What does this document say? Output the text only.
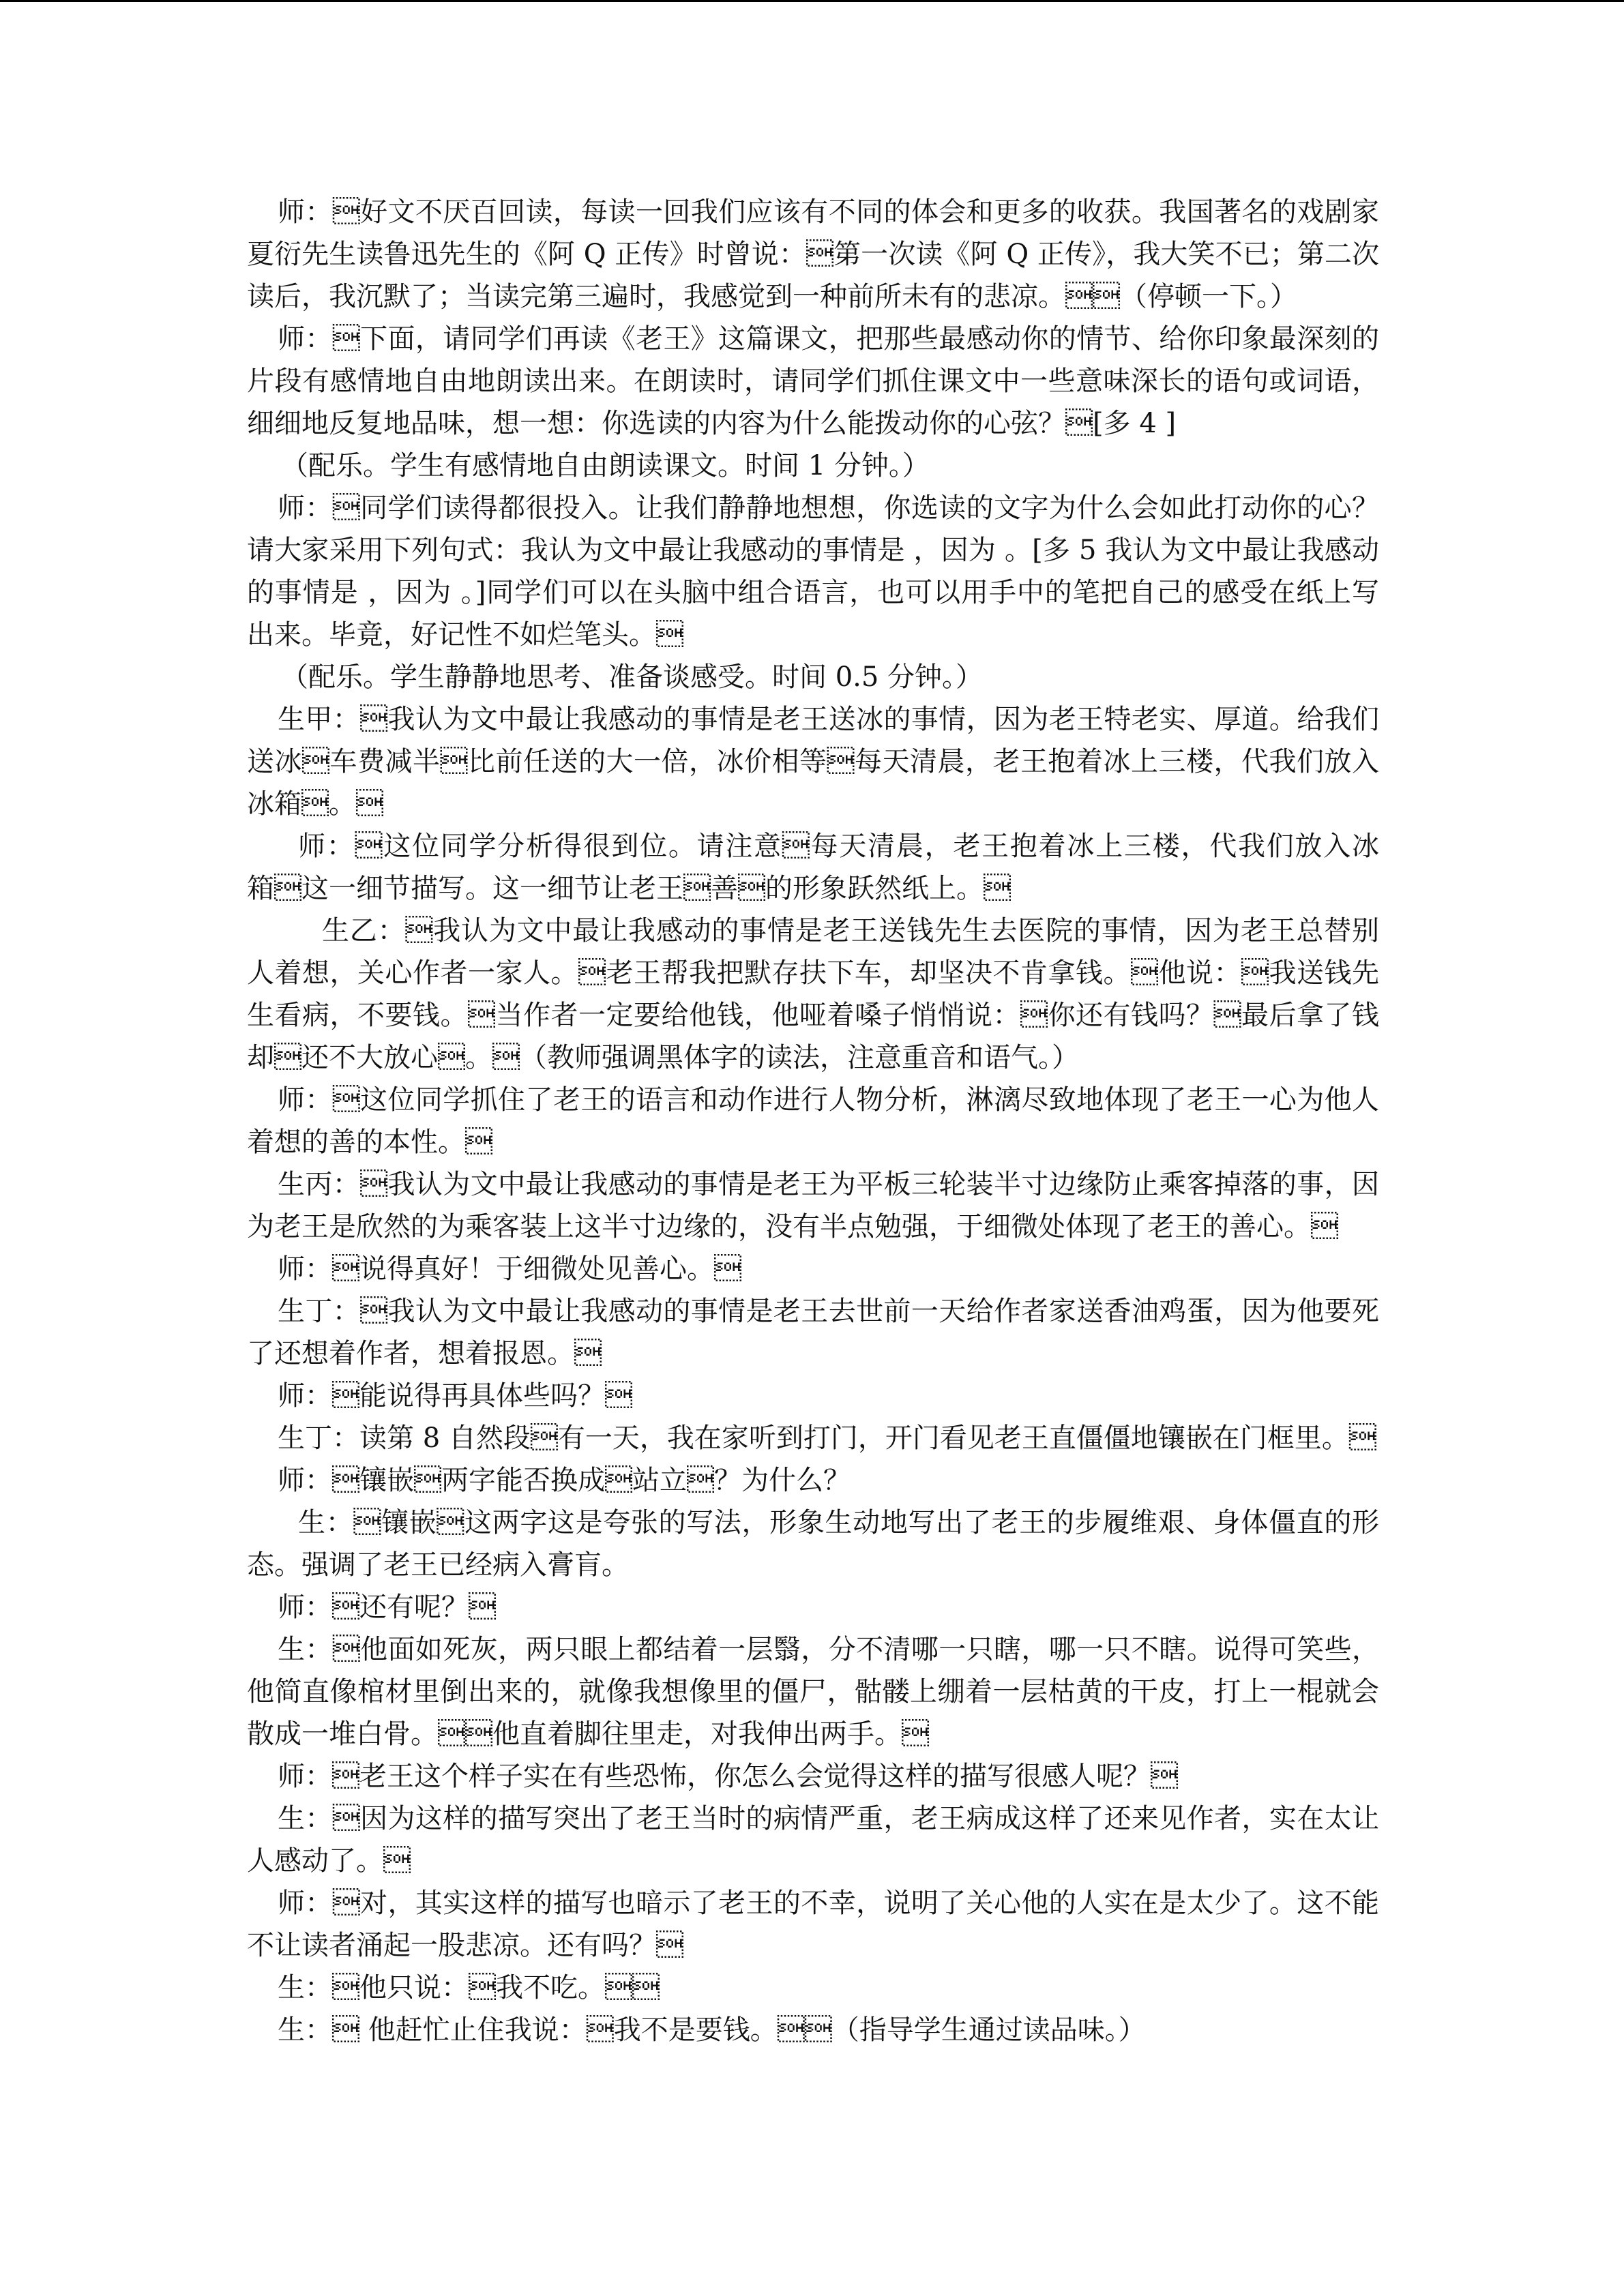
师：好文不厌百回读，每读一回我们应该有不同的体会和更多的收获。我国著名的戏剧家夏衍先生读鲁迅先生的《阿 Q 正传》时曾说：第一次读《阿 Q 正传》，我大笑不已；第二次读后，我沉默了；当读完第三遍时，我感觉到一种前所未有的悲凉。（停顿一下。）

师：下面，请同学们再读《老王》这篇课文，把那些最感动你的情节、给你印象最深刻的片段有感情地自由地朗读出来。在朗读时，请同学们抓住课文中一些意味深长的语句或词语，细细地反复地品味，想一想：你选读的内容为什么能拨动你的心弦？[多 4 ]

（配乐。学生有感情地自由朗读课文。时间 1 分钟。）

师：同学们读得都很投入。让我们静静地想想，你选读的文字为什么会如此打动你的心？请大家采用下列句式：我认为文中最让我感动的事情是 ，因为 。[多 5 我认为文中最让我感动的事情是 ，因为 。]同学们可以在头脑中组合语言，也可以用手中的笔把自己的感受在纸上写出来。毕竟，好记性不如烂笔头。

（配乐。学生静静地思考、准备谈感受。时间 0.5 分钟。）

生甲：我认为文中最让我感动的事情是老王送冰的事情，因为老王特老实、厚道。给我们送冰车费减半比前任送的大一倍，冰价相等每天清晨，老王抱着冰上三楼，代我们放入冰箱。

师：这位同学分析得很到位。请注意每天清晨，老王抱着冰上三楼，代我们放入冰箱这一细节描写。这一细节让老王善的形象跃然纸上。

生乙：我认为文中最让我感动的事情是老王送钱先生去医院的事情，因为老王总替别人着想，关心作者一家人。老王帮我把默存扶下车，却坚决不肯拿钱。他说：我送钱先生看病，不要钱。当作者一定要给他钱，他哑着嗓子悄悄说：你还有钱吗？最后拿了钱却还不大放心。（教师强调黑体字的读法，注意重音和语气。）

师：这位同学抓住了老王的语言和动作进行人物分析，淋漓尽致地体现了老王一心为他人着想的善的本性。

生丙：我认为文中最让我感动的事情是老王为平板三轮装半寸边缘防止乘客掉落的事，因为老王是欣然的为乘客装上这半寸边缘的，没有半点勉强，于细微处体现了老王的善心。

师：说得真好！于细微处见善心。

生丁：我认为文中最让我感动的事情是老王去世前一天给作者家送香油鸡蛋，因为他要死了还想着作者，想着报恩。

师：能说得再具体些吗？

生丁：读第 8 自然段有一天，我在家听到打门，开门看见老王直僵僵地镶嵌在门框里。

师：镶嵌两字能否换成站立？为什么？

生：镶嵌这两字这是夸张的写法，形象生动地写出了老王的步履维艰、身体僵直的形态。强调了老王已经病入膏肓。

师：还有呢？

生：他面如死灰，两只眼上都结着一层翳，分不清哪一只瞎，哪一只不瞎。说得可笑些，他简直像棺材里倒出来的，就像我想像里的僵尸，骷髅上绷着一层枯黄的干皮，打上一棍就会散成一堆白骨。他直着脚往里走，对我伸出两手。

师：老王这个样子实在有些恐怖，你怎么会觉得这样的描写很感人呢？

生：因为这样的描写突出了老王当时的病情严重，老王病成这样了还来见作者，实在太让人感动了。

师：对，其实这样的描写也暗示了老王的不幸，说明了关心他的人实在是太少了。这不能不让读者涌起一股悲凉。还有吗？

生：他只说：我不吃。

生： 他赶忙止住我说：我不是要钱。（指导学生通过读品味。）
